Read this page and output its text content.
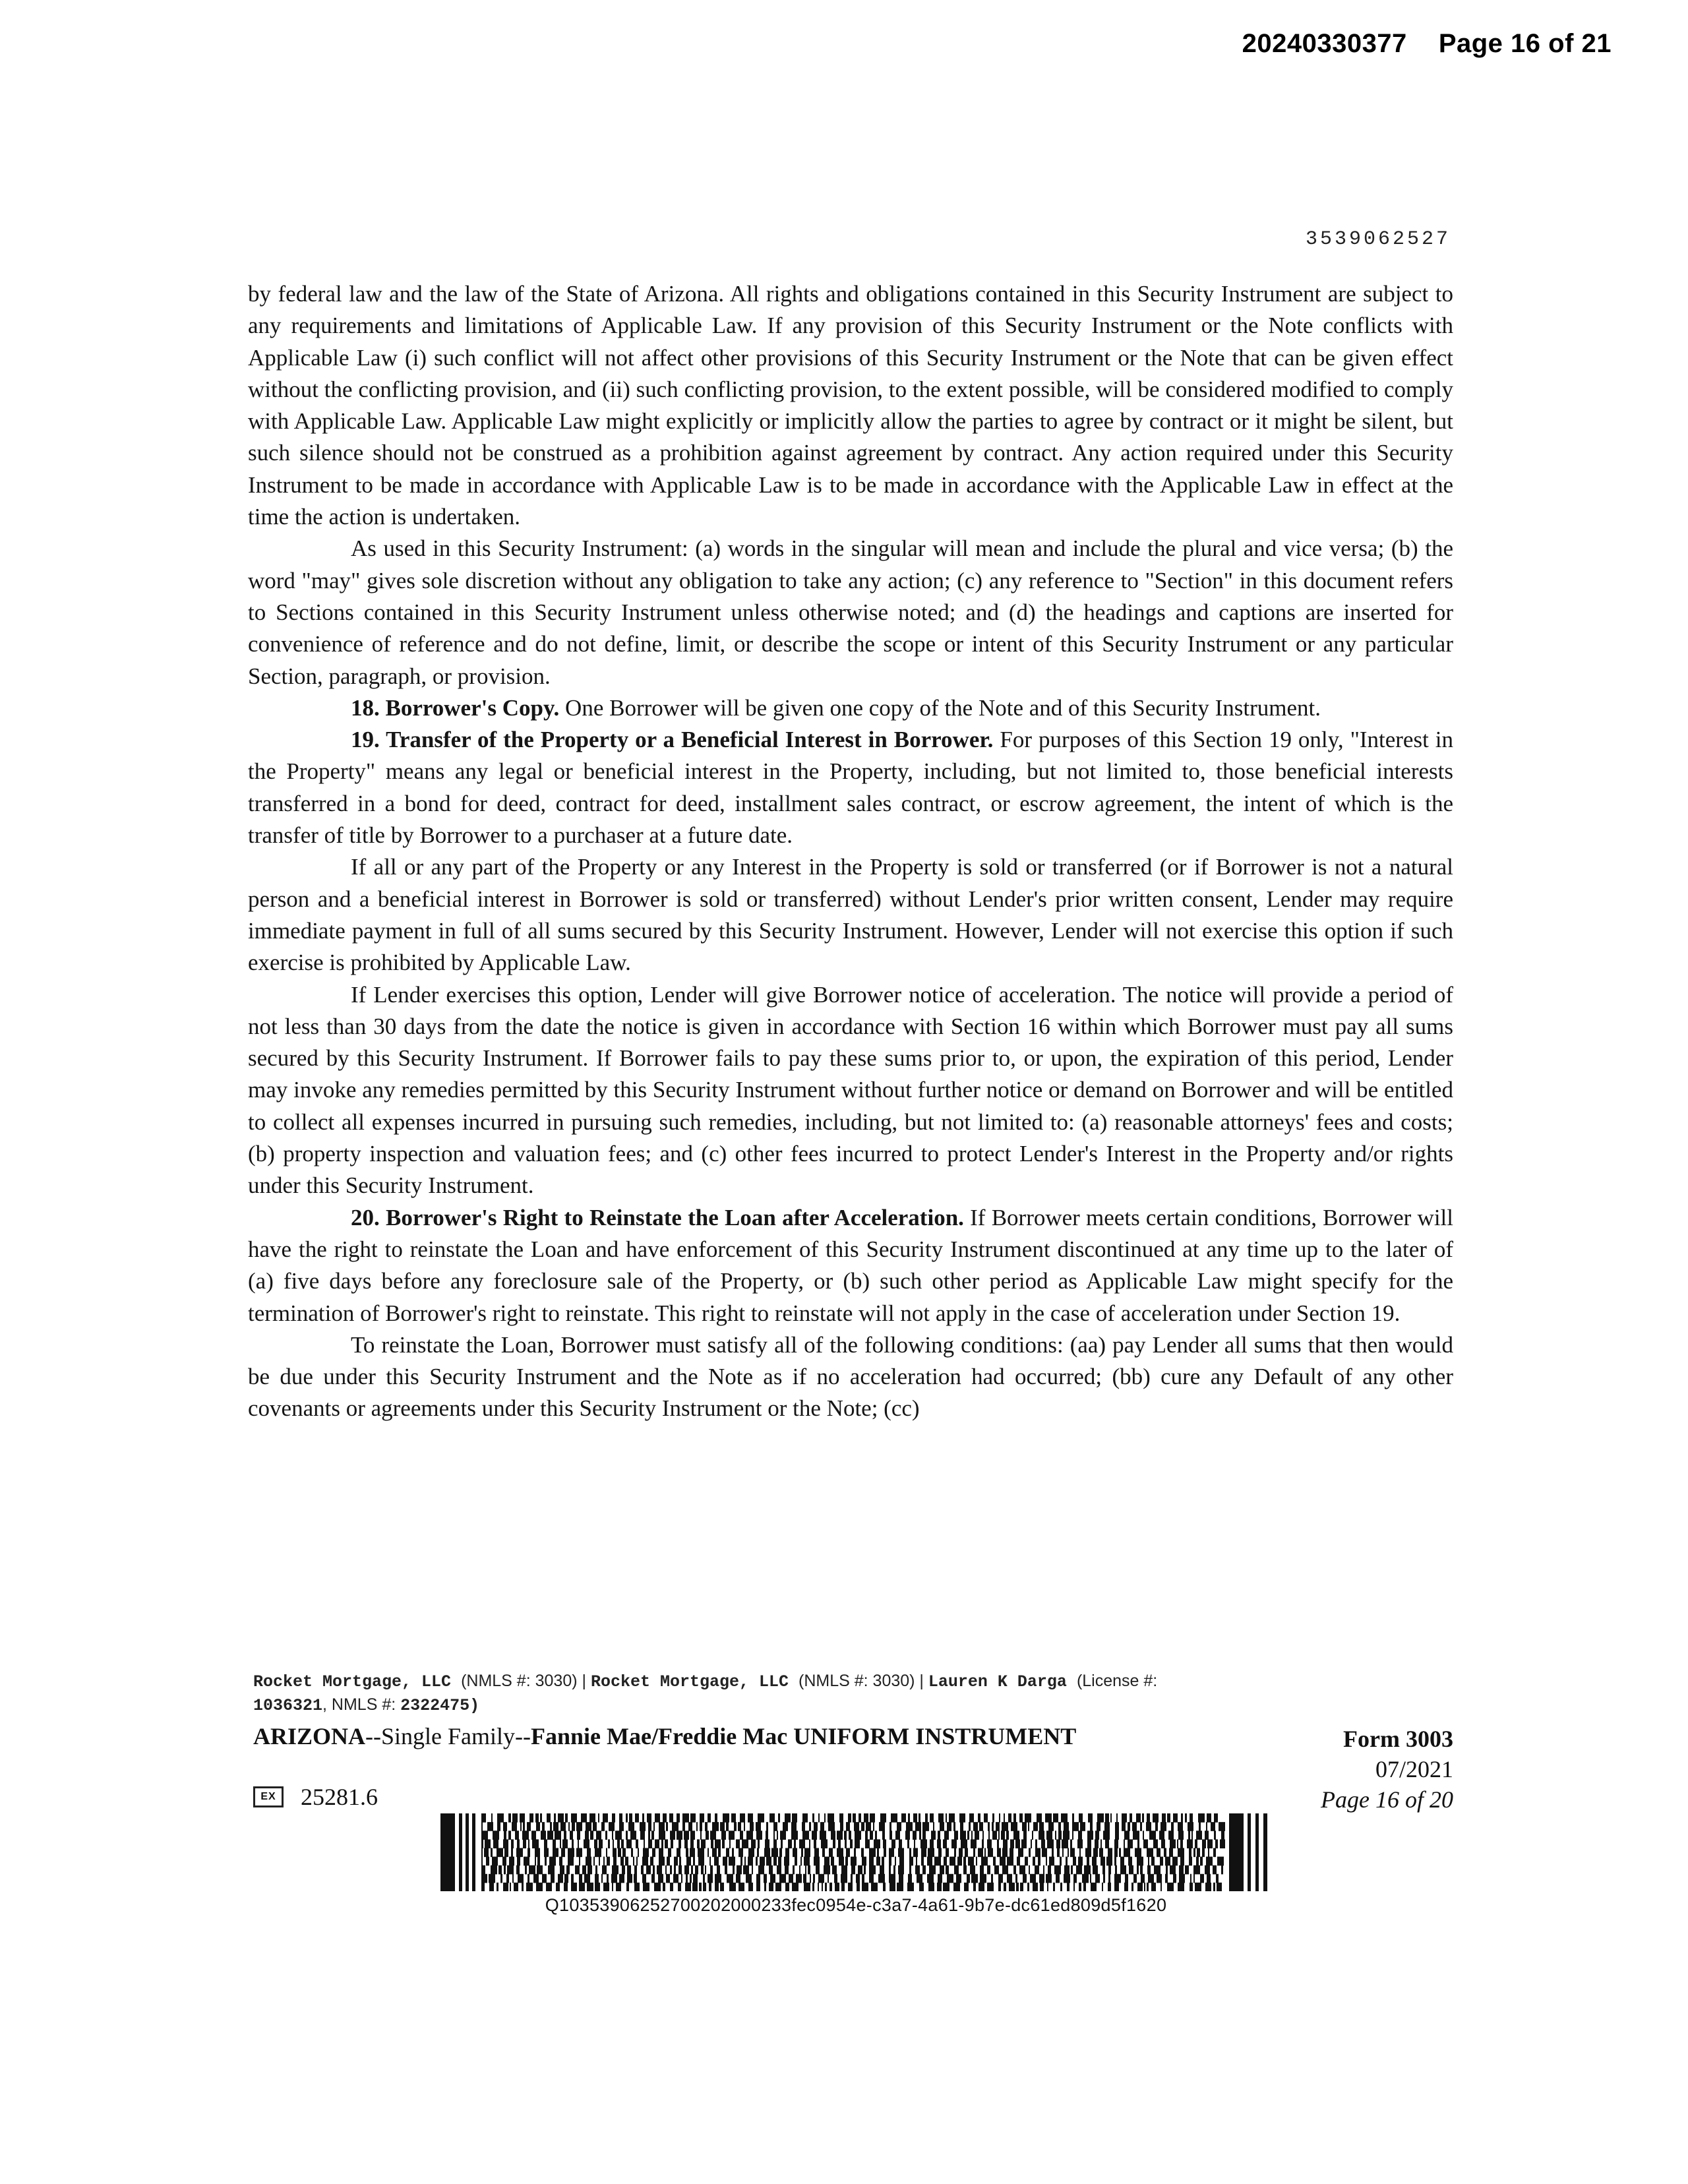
20240330377 Page 16 of 21
3539062527

by federal law and the law of the State of Arizona. All rights and obligations contained in this Security Instrument are subject to any requirements and limitations of Applicable Law. If any provision of this Security Instrument or the Note conflicts with Applicable Law (i) such conflict will not affect other provisions of this Security Instrument or the Note that can be given effect without the conflicting provision, and (ii) such conflicting provision, to the extent possible, will be considered modified to comply with Applicable Law. Applicable Law might explicitly or implicitly allow the parties to agree by contract or it might be silent, but such silence should not be construed as a prohibition against agreement by contract. Any action required under this Security Instrument to be made in accordance with Applicable Law is to be made in accordance with the Applicable Law in effect at the time the action is undertaken.

As used in this Security Instrument: (a) words in the singular will mean and include the plural and vice versa; (b) the word "may" gives sole discretion without any obligation to take any action; (c) any reference to "Section" in this document refers to Sections contained in this Security Instrument unless otherwise noted; and (d) the headings and captions are inserted for convenience of reference and do not define, limit, or describe the scope or intent of this Security Instrument or any particular Section, paragraph, or provision.

18. Borrower's Copy. One Borrower will be given one copy of the Note and of this Security Instrument.

19. Transfer of the Property or a Beneficial Interest in Borrower. For purposes of this Section 19 only, "Interest in the Property" means any legal or beneficial interest in the Property, including, but not limited to, those beneficial interests transferred in a bond for deed, contract for deed, installment sales contract, or escrow agreement, the intent of which is the transfer of title by Borrower to a purchaser at a future date.

If all or any part of the Property or any Interest in the Property is sold or transferred (or if Borrower is not a natural person and a beneficial interest in Borrower is sold or transferred) without Lender's prior written consent, Lender may require immediate payment in full of all sums secured by this Security Instrument. However, Lender will not exercise this option if such exercise is prohibited by Applicable Law.

If Lender exercises this option, Lender will give Borrower notice of acceleration. The notice will provide a period of not less than 30 days from the date the notice is given in accordance with Section 16 within which Borrower must pay all sums secured by this Security Instrument. If Borrower fails to pay these sums prior to, or upon, the expiration of this period, Lender may invoke any remedies permitted by this Security Instrument without further notice or demand on Borrower and will be entitled to collect all expenses incurred in pursuing such remedies, including, but not limited to: (a) reasonable attorneys' fees and costs; (b) property inspection and valuation fees; and (c) other fees incurred to protect Lender's Interest in the Property and/or rights under this Security Instrument.

20. Borrower's Right to Reinstate the Loan after Acceleration. If Borrower meets certain conditions, Borrower will have the right to reinstate the Loan and have enforcement of this Security Instrument discontinued at any time up to the later of (a) five days before any foreclosure sale of the Property, or (b) such other period as Applicable Law might specify for the termination of Borrower's right to reinstate. This right to reinstate will not apply in the case of acceleration under Section 19.

To reinstate the Loan, Borrower must satisfy all of the following conditions: (aa) pay Lender all sums that then would be due under this Security Instrument and the Note as if no acceleration had occurred; (bb) cure any Default of any other covenants or agreements under this Security Instrument or the Note; (cc)

Rocket Mortgage, LLC (NMLS #: 3030) | Rocket Mortgage, LLC (NMLS #: 3030) | Lauren K Darga (License #:
1036321, NMLS #: 2322475)
ARIZONA--Single Family--Fannie Mae/Freddie Mac UNIFORM INSTRUMENT	Form 3003
07/2021
Page 16 of 20
EX	25281.6
Q10353906252700202000233fec0954e-c3a7-4a61-9b7e-dc61ed809d5f1620
